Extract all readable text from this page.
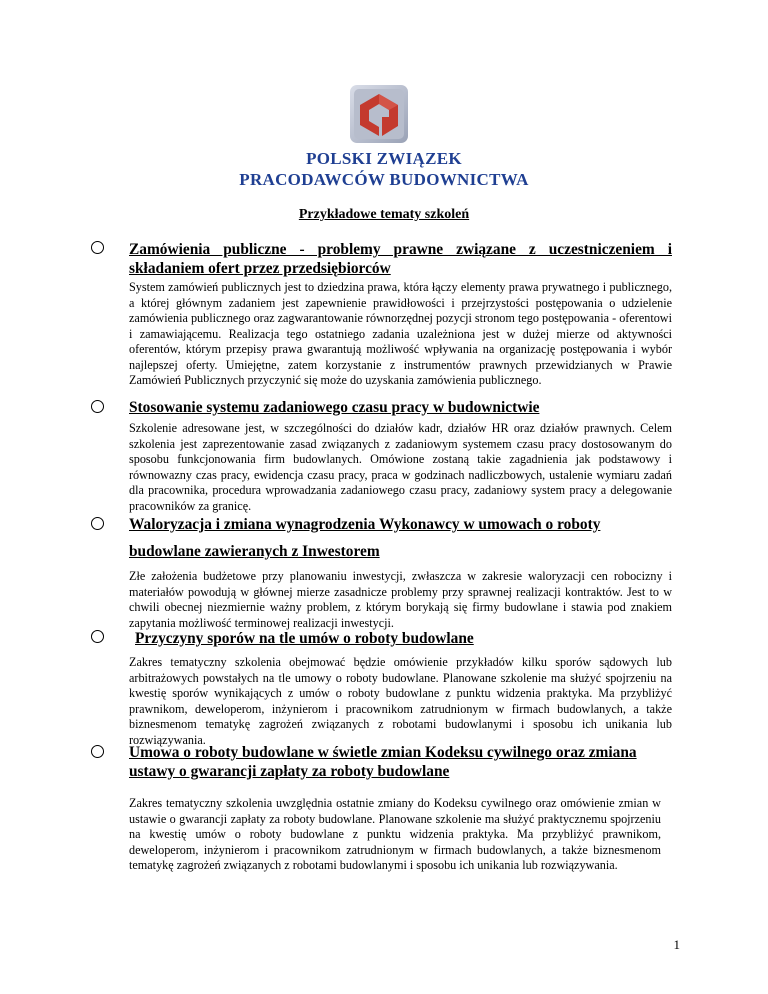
POLSKI ZWIĄZEK
PRACODAWCÓW BUDOWNICTWA
Przykładowe tematy szkoleń
Zamówienia publiczne - problemy prawne związane z uczestniczeniem i
składaniem ofert przez przedsiębiorców

System zamówień publicznych jest to dziedzina prawa, która łączy elementy prawa prywatnego i publicznego, a której głównym zadaniem jest zapewnienie prawidłowości i przejrzystości postępowania o udzielenie zamówienia publicznego oraz zagwarantowanie równorzędnej pozycji stronom tego postępowania - oferentowi i zamawiającemu. Realizacja tego ostatniego zadania uzależniona jest w dużej mierze od aktywności oferentów, którym przepisy prawa gwarantują możliwość wpływania na organizację postępowania i wybór najlepszej oferty. Umiejętne, zatem korzystanie z instrumentów prawnych przewidzianych w Prawie Zamówień Publicznych przyczynić się może do uzyskania zamówienia publicznego.

Stosowanie systemu zadaniowego czasu pracy w budownictwie

Szkolenie adresowane jest, w szczególności do działów kadr, działów HR oraz działów prawnych. Celem szkolenia jest zaprezentowanie zasad związanych z zadaniowym systemem czasu pracy dostosowanym do sposobu funkcjonowania firm budowlanych. Omówione zostaną takie zagadnienia jak podstawowy i równowazny czas pracy, ewidencja czasu pracy, praca w godzinach nadliczbowych, ustalenie wymiaru zadań dla pracownika, procedura wprowadzania zadaniowego czasu pracy, zadaniowy system pracy a delegowanie pracowników za granicę.

Waloryzacja i zmiana wynagrodzenia Wykonawcy w umowach o roboty
budowlane zawieranych z Inwestorem

Złe założenia budżetowe przy planowaniu inwestycji, zwłaszcza w zakresie waloryzacji cen robocizny i materiałów powodują w głównej mierze zasadnicze problemy przy sprawnej realizacji kontraktów. Jest to w chwili obecnej niezmiernie ważny problem, z którym borykają się firmy budowlane i stawia pod znakiem zapytania możliwość terminowej realizacji inwestycji.

Przyczyny sporów na tle umów o roboty budowlane

Zakres tematyczny szkolenia obejmować będzie omówienie przykładów kilku sporów sądowych lub arbitrażowych powstałych na tle umowy o roboty budowlane. Planowane szkolenie ma służyć spojrzeniu na kwestię sporów wynikających z umów o roboty budowlane z punktu widzenia praktyka. Ma przybliżyć prawnikom, deweloperom, inżynierom i pracownikom zatrudnionym w firmach budowlanych, a także biznesmenom tematykę zagrożeń związanych z robotami budowlanymi i sposobu ich unikania lub rozwiązywania.

Umowa o roboty budowlane w świetle zmian Kodeksu cywilnego oraz zmiana
ustawy o gwarancji zapłaty za roboty budowlane

Zakres tematyczny szkolenia uwzględnia ostatnie zmiany do Kodeksu cywilnego oraz omówienie zmian w ustawie o gwarancji zapłaty za roboty budowlane. Planowane szkolenie ma służyć praktycznemu spojrzeniu na kwestię umów o roboty budowlane z punktu widzenia praktyka. Ma przybliżyć prawnikom, deweloperom, inżynierom i pracownikom zatrudnionym w firmach budowlanych, a także biznesmenom tematykę zagrożeń związanych z robotami budowlanymi i sposobu ich unikania lub rozwiązywania.

1
